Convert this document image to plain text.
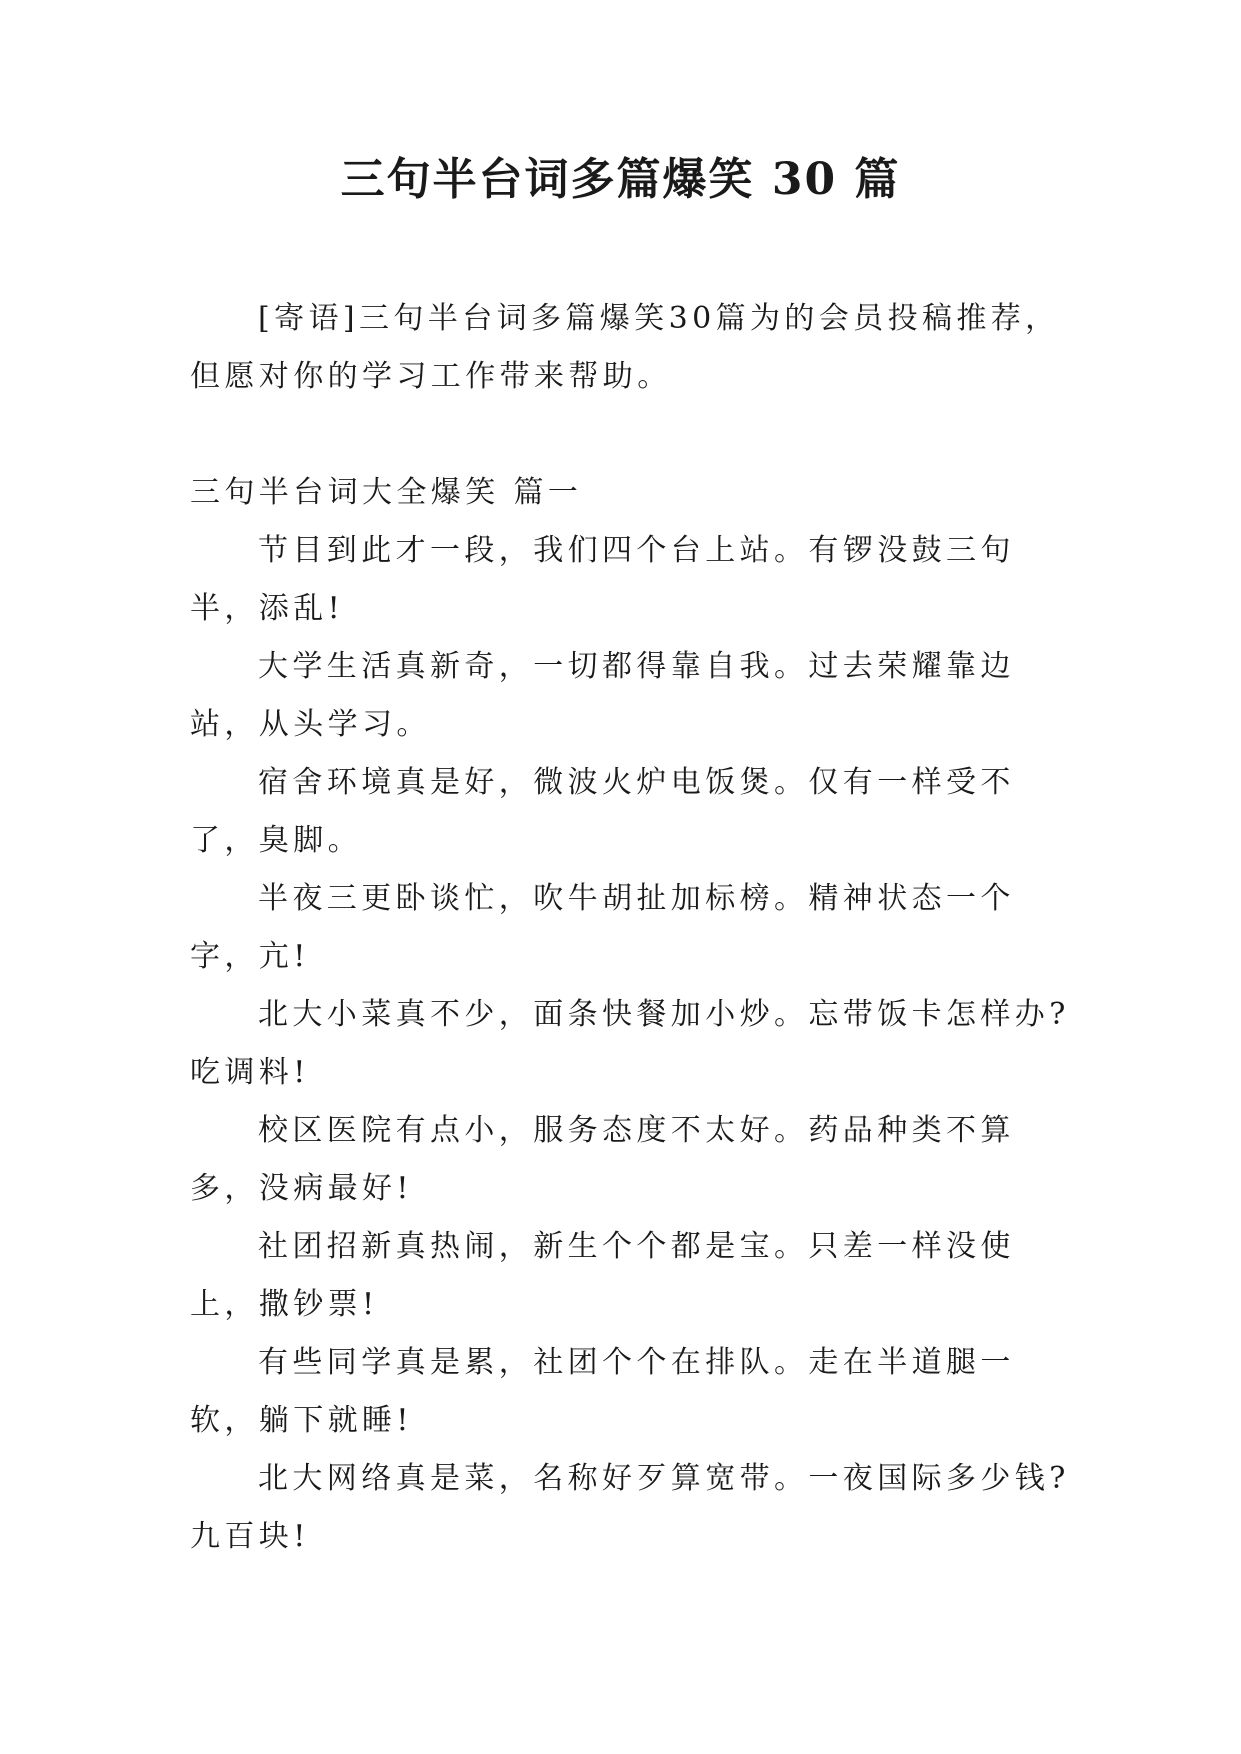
三句半台词多篇爆笑 30 篇

[寄语]三句半台词多篇爆笑30篇为的会员投稿推荐，但愿对你的学习工作带来帮助。

三句半台词大全爆笑 篇一

节目到此才一段，我们四个台上站。有锣没鼓三句半，添乱!

大学生活真新奇，一切都得靠自我。过去荣耀靠边站，从头学习。

宿舍环境真是好，微波火炉电饭煲。仅有一样受不了，臭脚。

半夜三更卧谈忙，吹牛胡扯加标榜。精神状态一个字，亢!

北大小菜真不少，面条快餐加小炒。忘带饭卡怎样办?吃调料!

校区医院有点小，服务态度不太好。药品种类不算多，没病最好!

社团招新真热闹，新生个个都是宝。只差一样没使上，撒钞票!

有些同学真是累，社团个个在排队。走在半道腿一软，躺下就睡!

北大网络真是菜，名称好歹算宽带。一夜国际多少钱?九百块!
